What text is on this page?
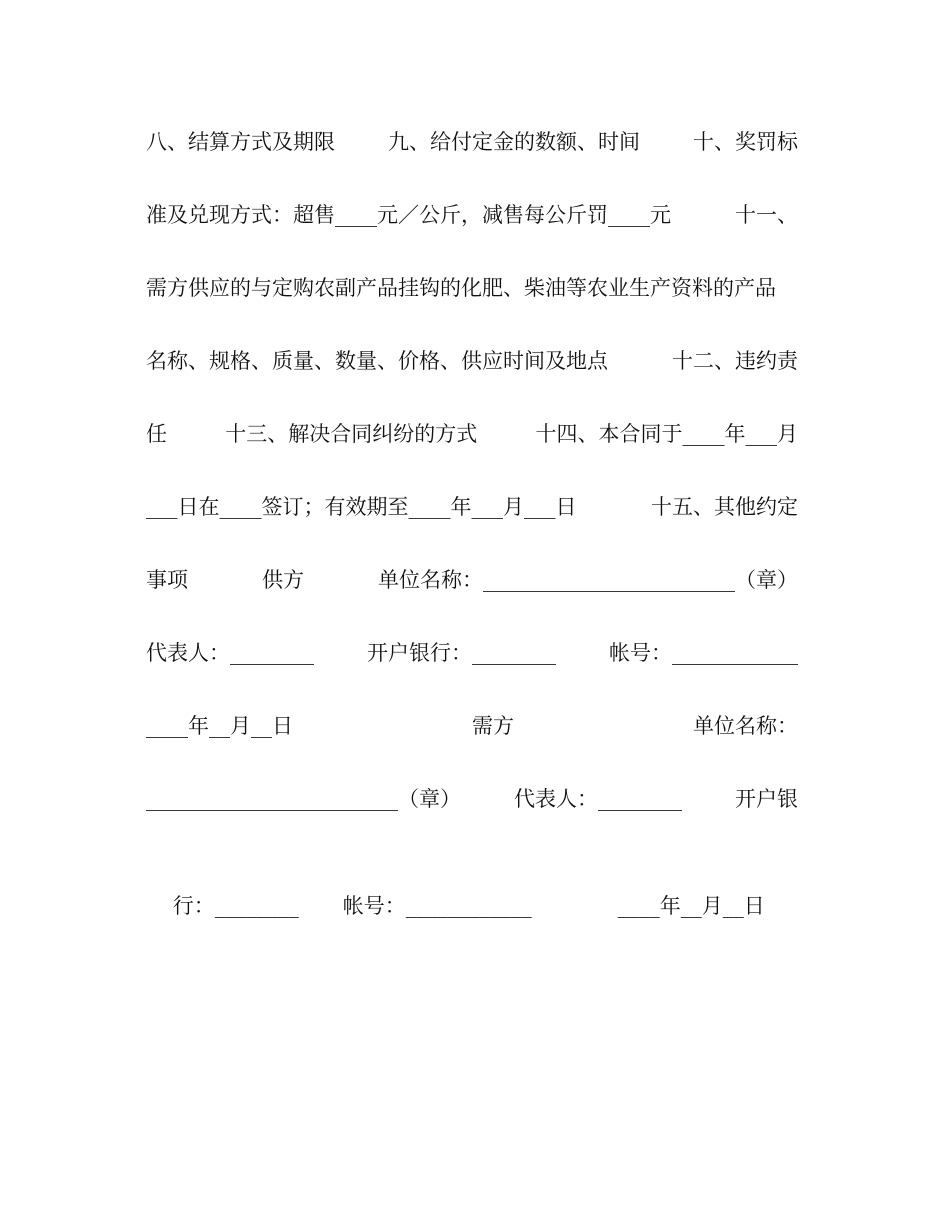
八、结算方式及期限	九、给付定金的数额、时间	十、奖罚标
准及兑现方式：超售____元／公斤，减售每公斤罚____元	十一、
需方供应的与定购农副产品挂钩的化肥、柴油等农业生产资料的产品
名称、规格、质量、数量、价格、供应时间及地点	十二、违约责
任	十三、解决合同纠纷的方式	十四、本合同于____年___月
___日在____签订；有效期至____年___月___日	十五、其他约定
事项	供方	单位名称：________________________（章）
代表人：________	开户银行：________	帐号：____________
____年__月__日	需方	单位名称：
________________________（章）	代表人：________	开户银

行：________ 帐号：____________	____年__月__日
